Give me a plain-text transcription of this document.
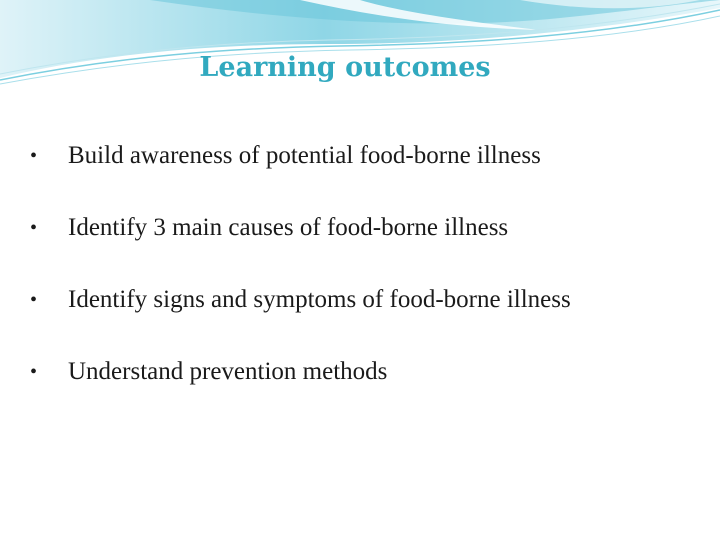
Learning outcomes
• Build awareness of potential food-borne illness
• Identify 3 main causes of food-borne illness
• Identify signs and symptoms of food-borne illness
• Understand prevention methods
